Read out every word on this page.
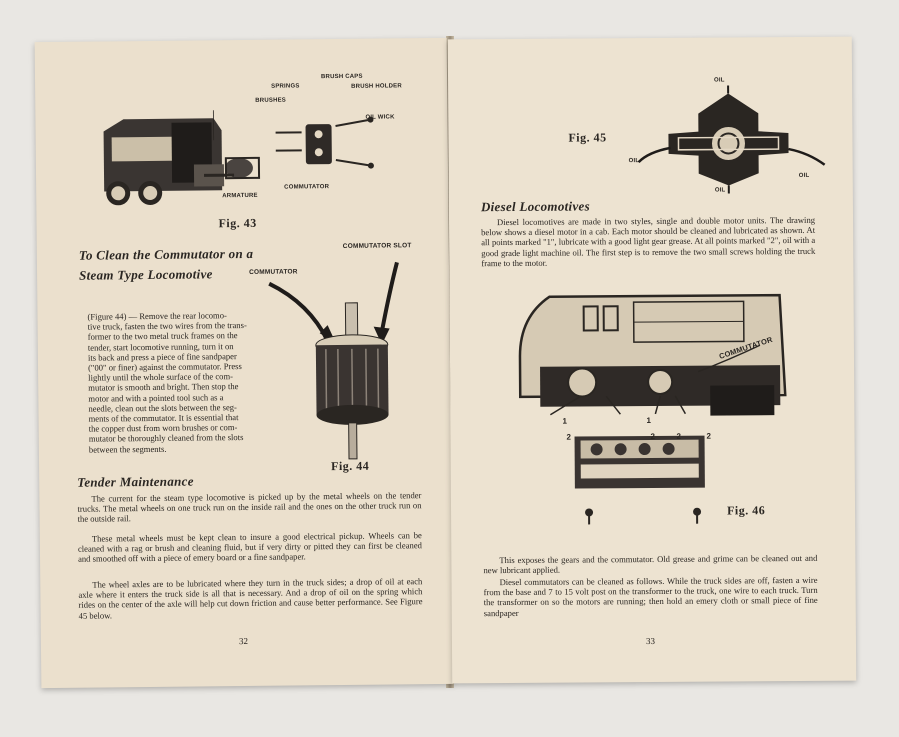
SPRINGS
BRUSH CAPS
BRUSH HOLDER
BRUSHES
OIL WICK
COMMUTATOR
ARMATURE
Fig. 43
To Clean the Commutator on a
Steam Type Locomotive	COMMUTATOR
COMMUTATOR SLOT
Fig. 44
(Figure 44) — Remove the rear locomo-
tive truck, fasten the two wires from the trans-
former to the two metal truck frames on the
tender, start locomotive running, turn it on
its back and press a piece of fine sandpaper
("00" or finer) against the commutator. Press
lightly until the whole surface of the com-
mutator is smooth and bright. Then stop the
motor and with a pointed tool such as a
needle, clean out the slots between the seg-
ments of the commutator. It is essential that
the copper dust from worn brushes or com-
mutator be thoroughly cleaned from the slots
between the segments.
Tender Maintenance
The current for the steam type locomotive is picked up by the metal wheels on the tender trucks. The metal wheels on one truck run on the inside rail and the ones on the other truck run on the outside rail.
These metal wheels must be kept clean to insure a good electrical pickup. Wheels can be cleaned with a rag or brush and cleaning fluid, but if very dirty or pitted they can first be cleaned and smoothed off with a piece of emery board or a fine sandpaper.
The wheel axles are to be lubricated where they turn in the truck sides; a drop of oil at each axle where it enters the truck side is all that is necessary. And a drop of oil on the spring which rides on the center of the axle will help cut down friction and cause better performance. See Figure 45 below.
32
Fig. 45
OIL
OIL
OIL
OIL
Diesel Locomotives
Diesel locomotives are made in two styles, single and double motor units. The drawing below shows a diesel motor in a cab. Each motor should be cleaned and lubricated as shown. At all points marked "1", lubricate with a good light gear grease. At all points marked "2", oil with a good grade light machine oil. The first step is to remove the two small screws holding the truck frame to the motor.
COMMUTATOR
1	1
2	2	2	2
Fig. 46
This exposes the gears and the commutator. Old grease and grime can be cleaned out and new lubricant applied.
Diesel commutators can be cleaned as follows. While the truck sides are off, fasten a wire from the base and 7 to 15 volt post on the transformer to the truck, one wire to each truck. Turn the transformer on so the motors are running; then hold an emery cloth or small piece of fine sandpaper
33
